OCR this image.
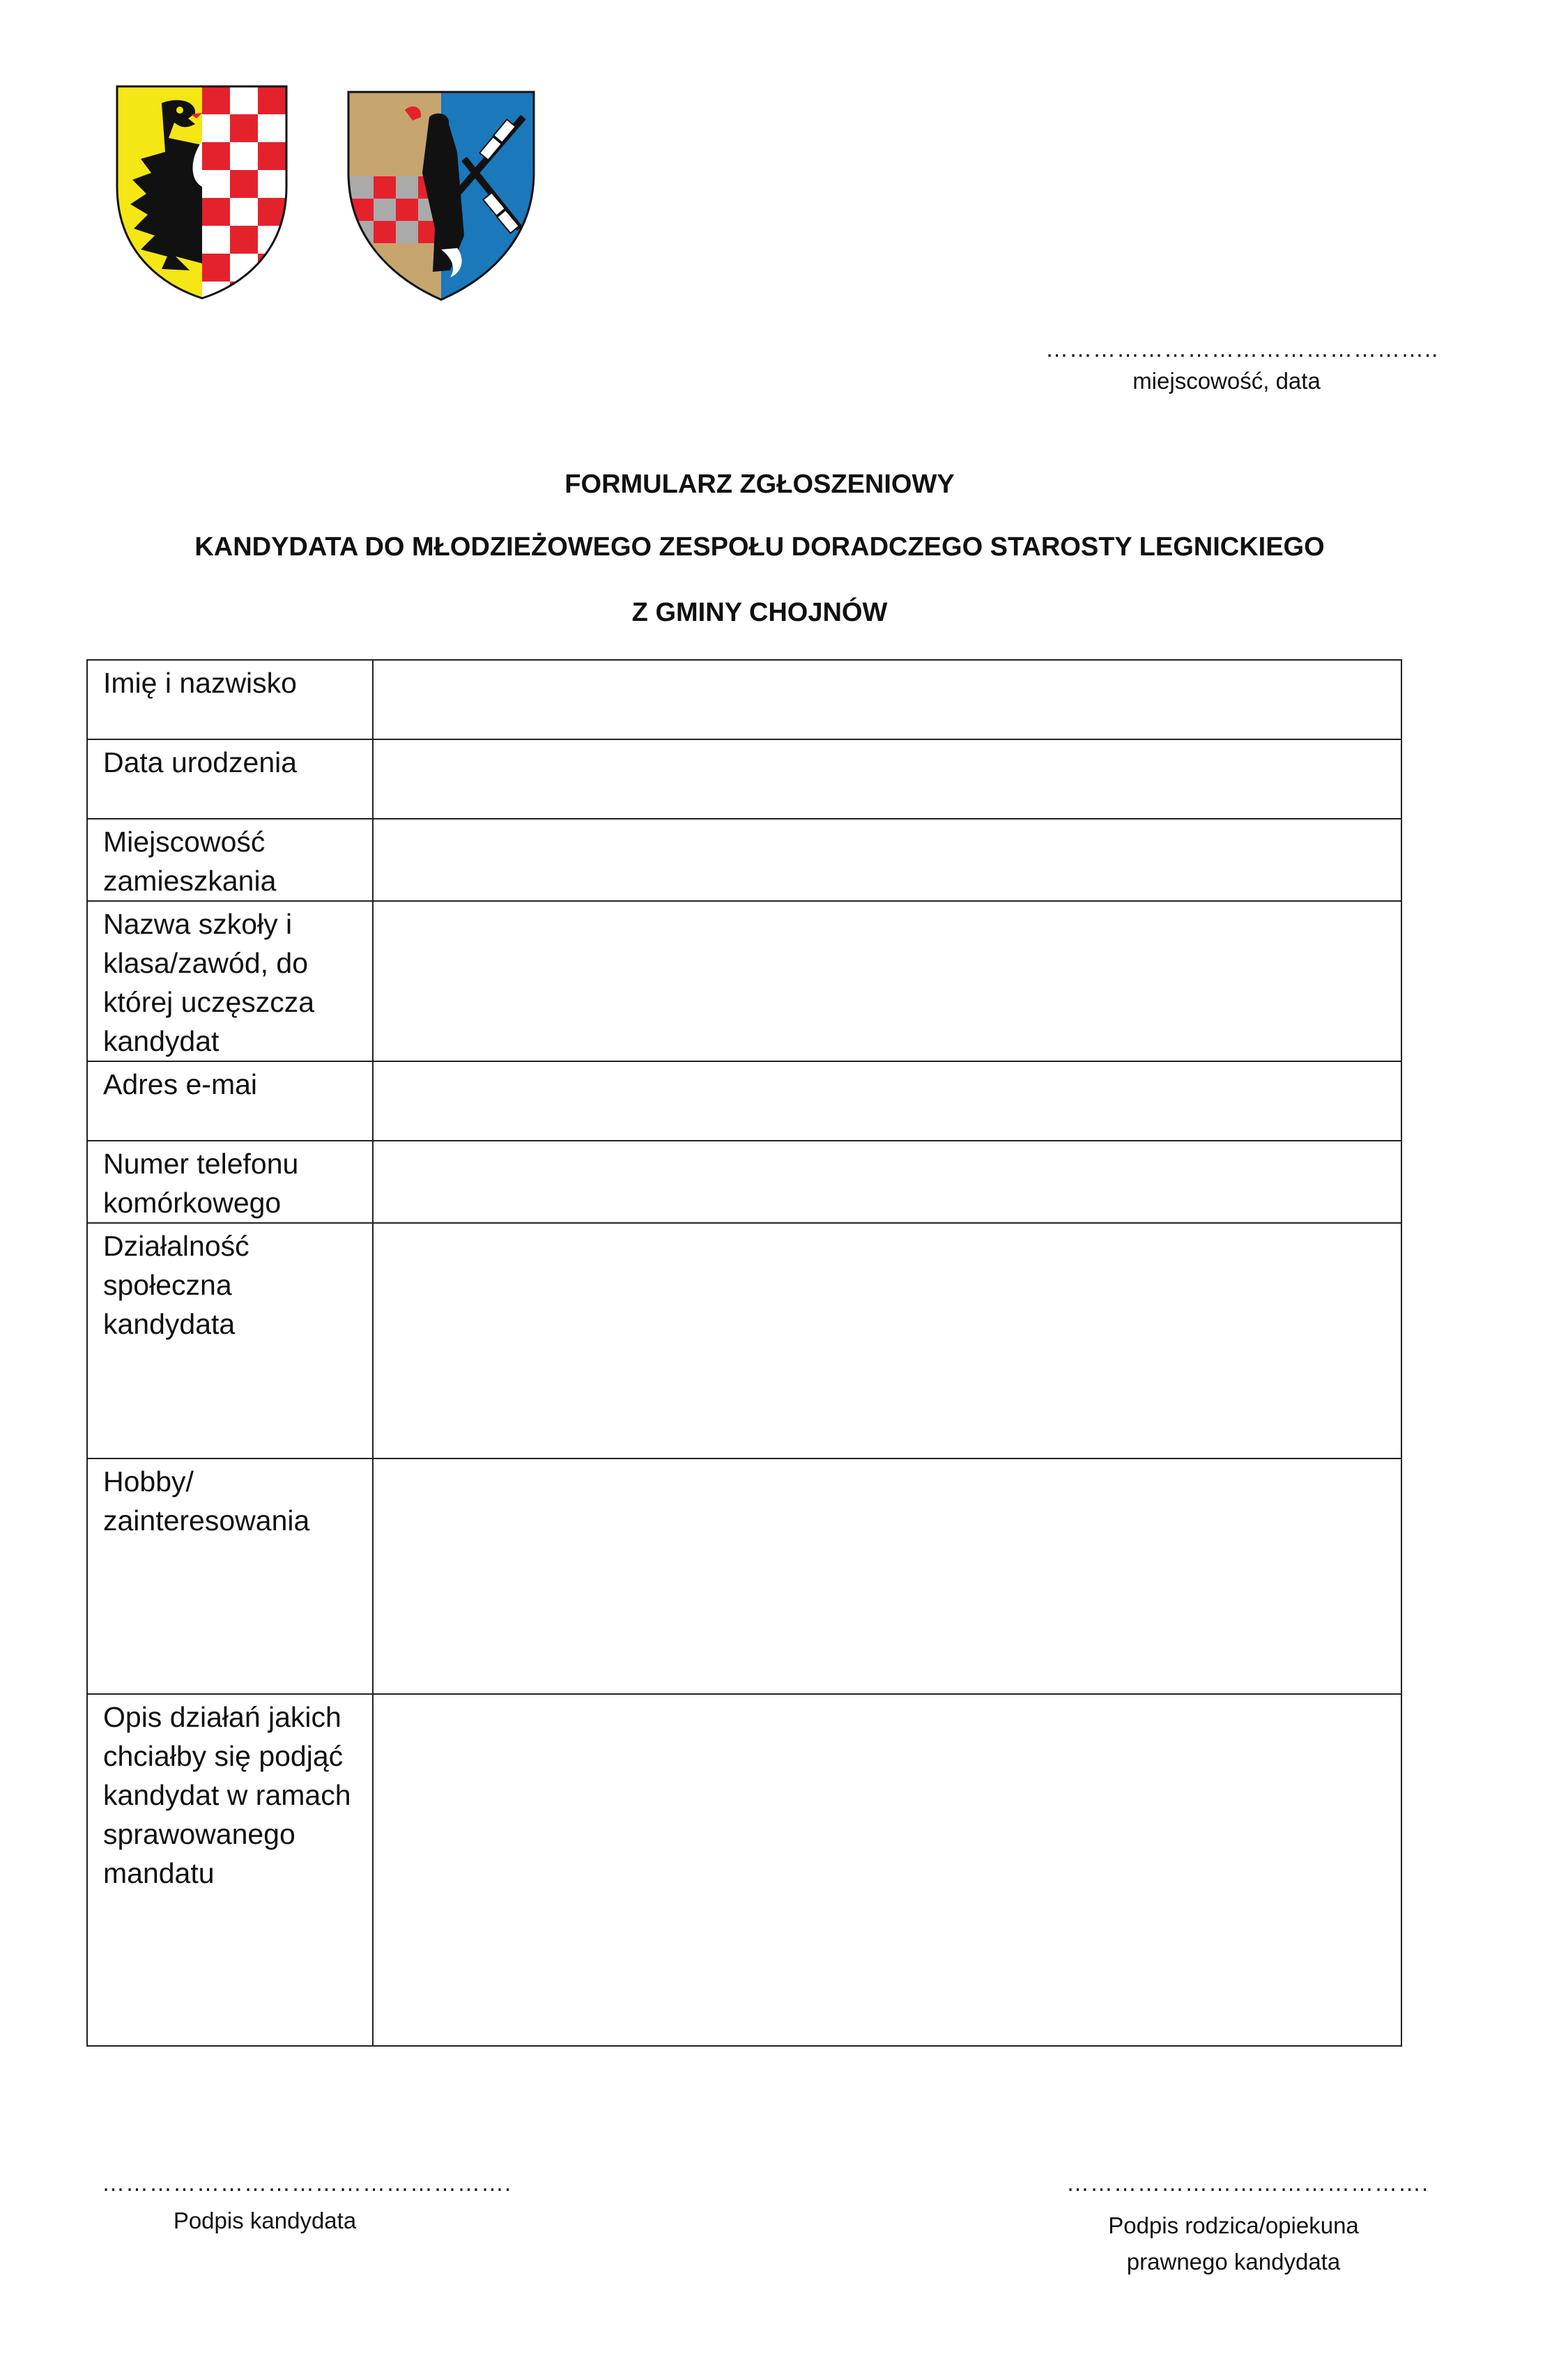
…………………………………………..
miejscowość, data
FORMULARZ ZGŁOSZENIOWY
KANDYDATA DO MŁODZIEŻOWEGO ZESPOŁU DORADCZEGO STAROSTY LEGNICKIEGO
Z GMINY CHOJNÓW
Imię i nazwisko	
Data urodzenia	
Miejscowość zamieszkania	
Nazwa szkoły i klasa/zawód, do której uczęszcza kandydat	
Adres e-mai	
Numer telefonu komórkowego	
Działalność społeczna kandydata	
Hobby/ zainteresowania	
Opis działań jakich chciałby się podjąć kandydat w ramach sprawowanego mandatu	
…………………………………………….
Podpis kandydata
……………………………………….
Podpis rodzica/opiekuna prawnego kandydata
